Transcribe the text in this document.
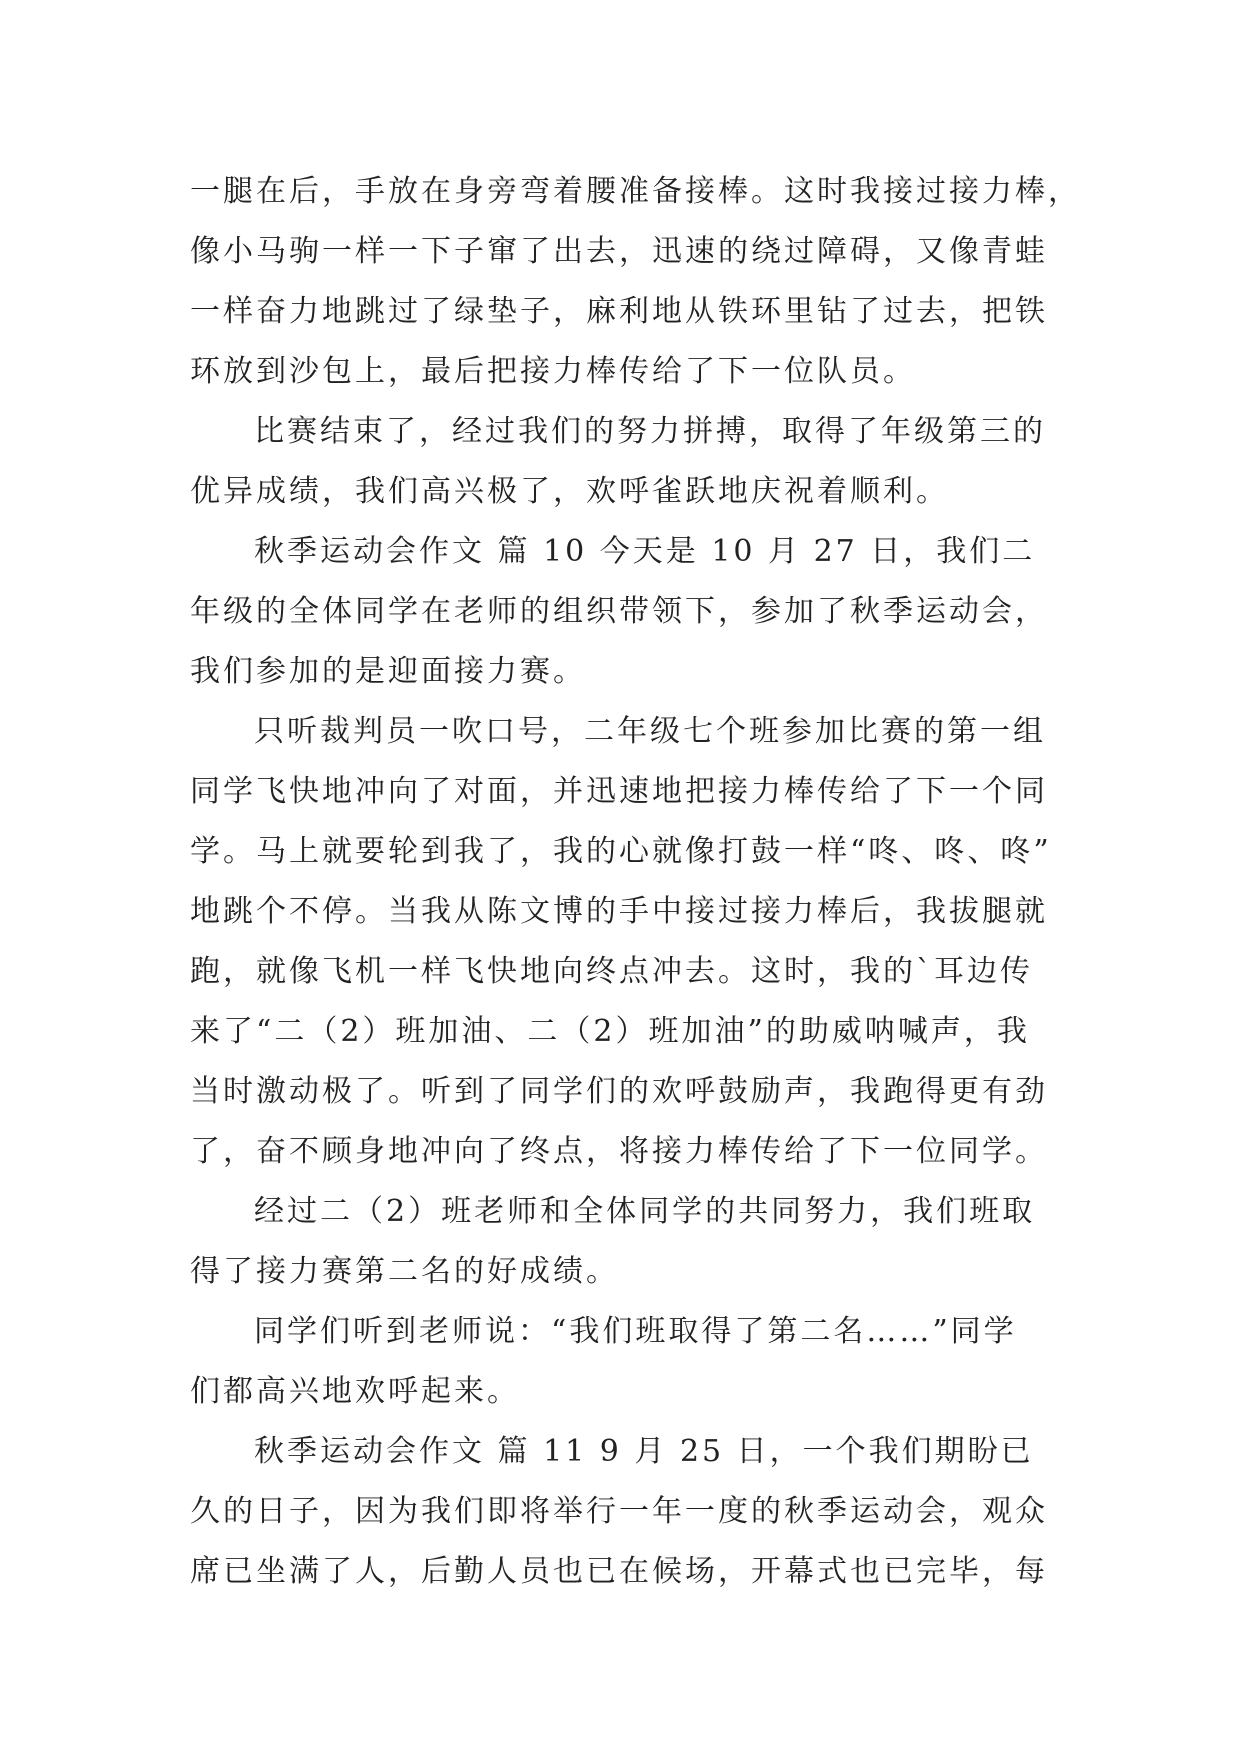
一腿在后，手放在身旁弯着腰准备接棒。这时我接过接力棒，
像小马驹一样一下子窜了出去，迅速的绕过障碍，又像青蛙
一样奋力地跳过了绿垫子，麻利地从铁环里钻了过去，把铁
环放到沙包上，最后把接力棒传给了下一位队员。
比赛结束了，经过我们的努力拼搏，取得了年级第三的
优异成绩，我们高兴极了，欢呼雀跃地庆祝着顺利。
秋季运动会作文 篇 10 今天是 10 月 27 日，我们二
年级的全体同学在老师的组织带领下，参加了秋季运动会，
我们参加的是迎面接力赛。
只听裁判员一吹口号，二年级七个班参加比赛的第一组
同学飞快地冲向了对面，并迅速地把接力棒传给了下一个同
学。马上就要轮到我了，我的心就像打鼓一样“咚、咚、咚”
地跳个不停。当我从陈文博的手中接过接力棒后，我拔腿就
跑，就像飞机一样飞快地向终点冲去。这时，我的`耳边传
来了“二（2）班加油、二（2）班加油”的助威呐喊声，我
当时激动极了。听到了同学们的欢呼鼓励声，我跑得更有劲
了，奋不顾身地冲向了终点，将接力棒传给了下一位同学。
经过二（2）班老师和全体同学的共同努力，我们班取
得了接力赛第二名的好成绩。
同学们听到老师说：“我们班取得了第二名……”同学
们都高兴地欢呼起来。
秋季运动会作文 篇 11 9 月 25 日，一个我们期盼已
久的日子，因为我们即将举行一年一度的秋季运动会，观众
席已坐满了人，后勤人员也已在候场，开幕式也已完毕，每
